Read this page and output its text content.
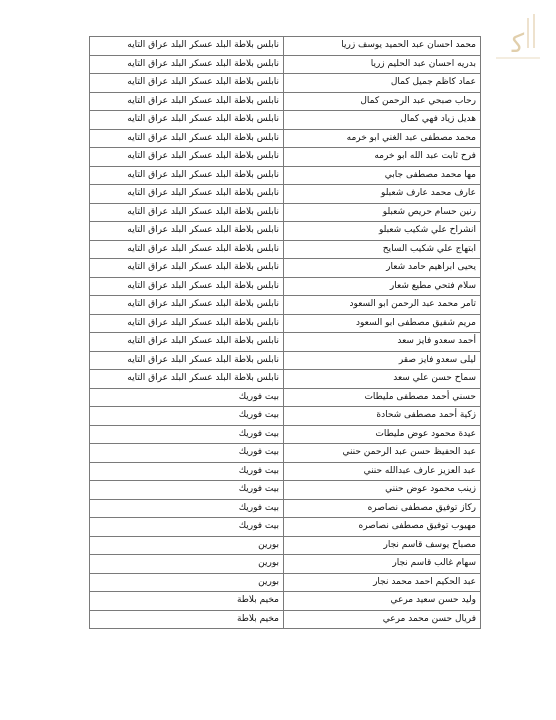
ﮐ
محمد احسان عبد الحميد يوسف زريا	نابلس بلاطة البلد عسكر البلد عراق التايه
بدريه احسان عبد الحليم زريا	نابلس بلاطة البلد عسكر البلد عراق التايه
عماد كاظم جميل كمال	نابلس بلاطة البلد عسكر البلد عراق التايه
رحاب صبحي عبد الرحمن كمال	نابلس بلاطة البلد عسكر البلد عراق التايه
هديل زياد فهي كمال	نابلس بلاطة البلد عسكر البلد عراق التايه
محمد مصطفى عبد الغني ابو خرمه	نابلس بلاطة البلد عسكر البلد عراق التايه
فرح ثابت عبد الله ابو خرمه	نابلس بلاطة البلد عسكر البلد عراق التايه
مها محمد مصطفى جابي	نابلس بلاطة البلد عسكر البلد عراق التايه
عارف محمد عارف شعبلو	نابلس بلاطة البلد عسكر البلد عراق التايه
رنين حسام حريص شعبلو	نابلس بلاطة البلد عسكر البلد عراق التايه
انشراح علي شكيب شعبلو	نابلس بلاطة البلد عسكر البلد عراق التايه
ابتهاج علي شكيب السايح	نابلس بلاطة البلد عسكر البلد عراق التايه
يحيى ابراهيم حامد شعار	نابلس بلاطة البلد عسكر البلد عراق التايه
سلام فتحي مطيع شعار	نابلس بلاطة البلد عسكر البلد عراق التايه
تامر محمد عبد الرحمن ابو السعود	نابلس بلاطة البلد عسكر البلد عراق التايه
مريم شفيق مصطفى ابو السعود	نابلس بلاطة البلد عسكر البلد عراق التايه
أحمد سعدو فايز سعد	نابلس بلاطة البلد عسكر البلد عراق التايه
ليلى سعدو فايز صقر	نابلس بلاطة البلد عسكر البلد عراق التايه
سماح حسن علي سعد	نابلس بلاطة البلد عسكر البلد عراق التايه
حسني أحمد مصطفى مليطات	بيت فوريك
زكية أحمد مصطفى شحادة	بيت فوريك
عيدة محمود عوض مليطات	بيت فوريك
عبد الحفيظ حسن عبد الرحمن حنني	بيت فوريك
عبد العزيز عارف عبدالله حنني	بيت فوريك
زينب محمود عوض حنني	بيت فوريك
ركاز توفيق مصطفى نصاصره	بيت فوريك
مهيوب توفيق مصطفى نصاصره	بيت فوريك
مصباح يوسف قاسم نجار	بورين
سهام غالب قاسم نجار	بورين
عبد الحكيم احمد محمد نجار	بورين
وليد حسن سعيد مرعي	مخيم بلاطة
فريال حسن محمد مرعي	مخيم بلاطة
